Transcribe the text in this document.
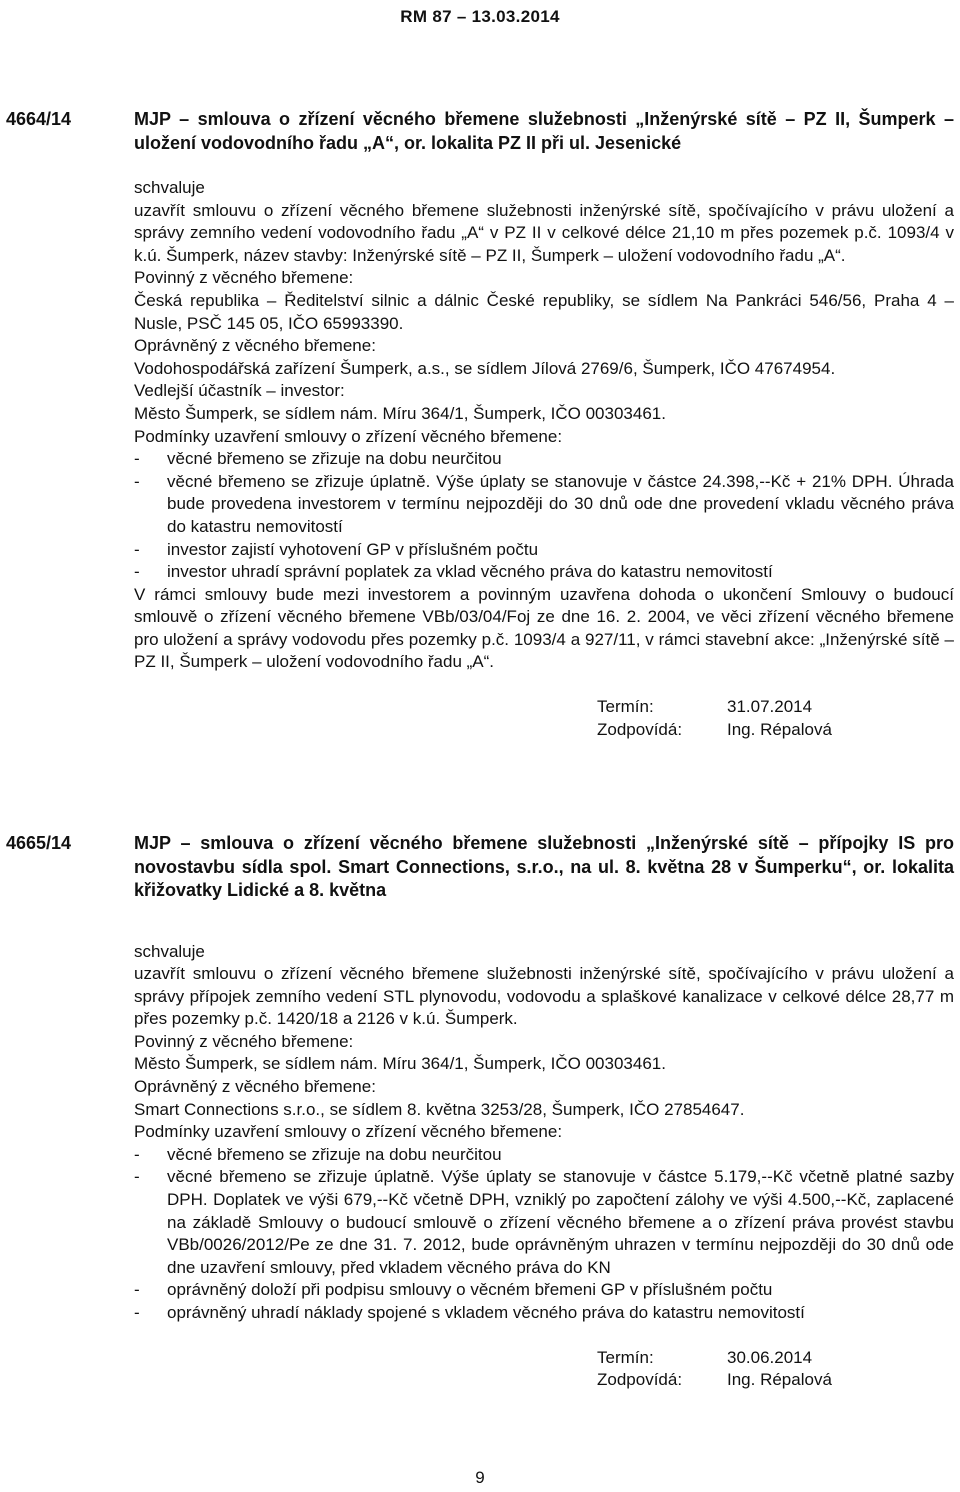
RM 87 – 13.03.2014
4664/14	MJP – smlouva o zřízení věcného břemene služebnosti „Inženýrské sítě – PZ II, Šumperk – uložení vodovodního řadu „A“, or. lokalita PZ II při ul. Jesenické

schvaluje

uzavřít smlouvu o zřízení věcného břemene služebnosti inženýrské sítě, spočívajícího v právu uložení a správy zemního vedení vodovodního řadu „A“ v PZ II v celkové délce 21,10 m přes pozemek p.č. 1093/4 v k.ú. Šumperk, název stavby: Inženýrské sítě – PZ II, Šumperk – uložení vodovodního řadu „A“.

Povinný z věcného břemene:

Česká republika – Ředitelství silnic a dálnic České republiky, se sídlem Na Pankráci 546/56, Praha 4 – Nusle, PSČ 145 05, IČO 65993390.

Oprávněný z věcného břemene:

Vodohospodářská zařízení Šumperk, a.s., se sídlem Jílová 2769/6, Šumperk, IČO 47674954.

Vedlejší účastník – investor:

Město Šumperk, se sídlem nám. Míru 364/1, Šumperk, IČO 00303461.

Podmínky uzavření smlouvy o zřízení věcného břemene:

- věcné břemeno se zřizuje na dobu neurčitou
- věcné břemeno se zřizuje úplatně. Výše úplaty se stanovuje v částce 24.398,--Kč + 21% DPH. Úhrada bude provedena investorem v termínu nejpozději do 30 dnů ode dne provedení vkladu věcného práva do katastru nemovitostí
- investor zajistí vyhotovení GP v příslušném počtu
- investor uhradí správní poplatek za vklad věcného práva do katastru nemovitostí

V rámci smlouvy bude mezi investorem a povinným uzavřena dohoda o ukončení Smlouvy o budoucí smlouvě o zřízení věcného břemene VBb/03/04/Foj ze dne 16. 2. 2004, ve věci zřízení věcného břemene pro uložení a správy vodovodu přes pozemky p.č. 1093/4 a 927/11, v rámci stavební akce: „Inženýrské sítě – PZ II, Šumperk – uložení vodovodního řadu „A“.

Termín:	31.07.2014
Zodpovídá:	Ing. Répalová
4665/14	MJP – smlouva o zřízení věcného břemene služebnosti „Inženýrské sítě – přípojky IS pro novostavbu sídla spol. Smart Connections, s.r.o., na ul. 8. května 28 v Šumperku“, or. lokalita křižovatky Lidické a 8. května

schvaluje

uzavřít smlouvu o zřízení věcného břemene služebnosti inženýrské sítě, spočívajícího v právu uložení a správy přípojek zemního vedení STL plynovodu, vodovodu a splaškové kanalizace v celkové délce 28,77 m přes pozemky p.č. 1420/18 a 2126 v k.ú. Šumperk.

Povinný z věcného břemene:

Město Šumperk, se sídlem nám. Míru 364/1, Šumperk, IČO 00303461.

Oprávněný z věcného břemene:

Smart Connections s.r.o., se sídlem 8. května 3253/28, Šumperk, IČO 27854647.

Podmínky uzavření smlouvy o zřízení věcného břemene:

- věcné břemeno se zřizuje na dobu neurčitou
- věcné břemeno se zřizuje úplatně. Výše úplaty se stanovuje v částce 5.179,--Kč včetně platné sazby DPH. Doplatek ve výši 679,--Kč včetně DPH, vzniklý po započtení zálohy ve výši 4.500,--Kč, zaplacené na základě Smlouvy o budoucí smlouvě o zřízení věcného břemene a o zřízení práva provést stavbu VBb/0026/2012/Pe ze dne 31. 7. 2012, bude oprávněným uhrazen v termínu nejpozději do 30 dnů ode dne uzavření smlouvy, před vkladem věcného práva do KN
- oprávněný doloží při podpisu smlouvy o věcném břemeni GP v příslušném počtu
- oprávněný uhradí náklady spojené s vkladem věcného práva do katastru nemovitostí
Termín:	30.06.2014
Zodpovídá:	Ing. Répalová
9
